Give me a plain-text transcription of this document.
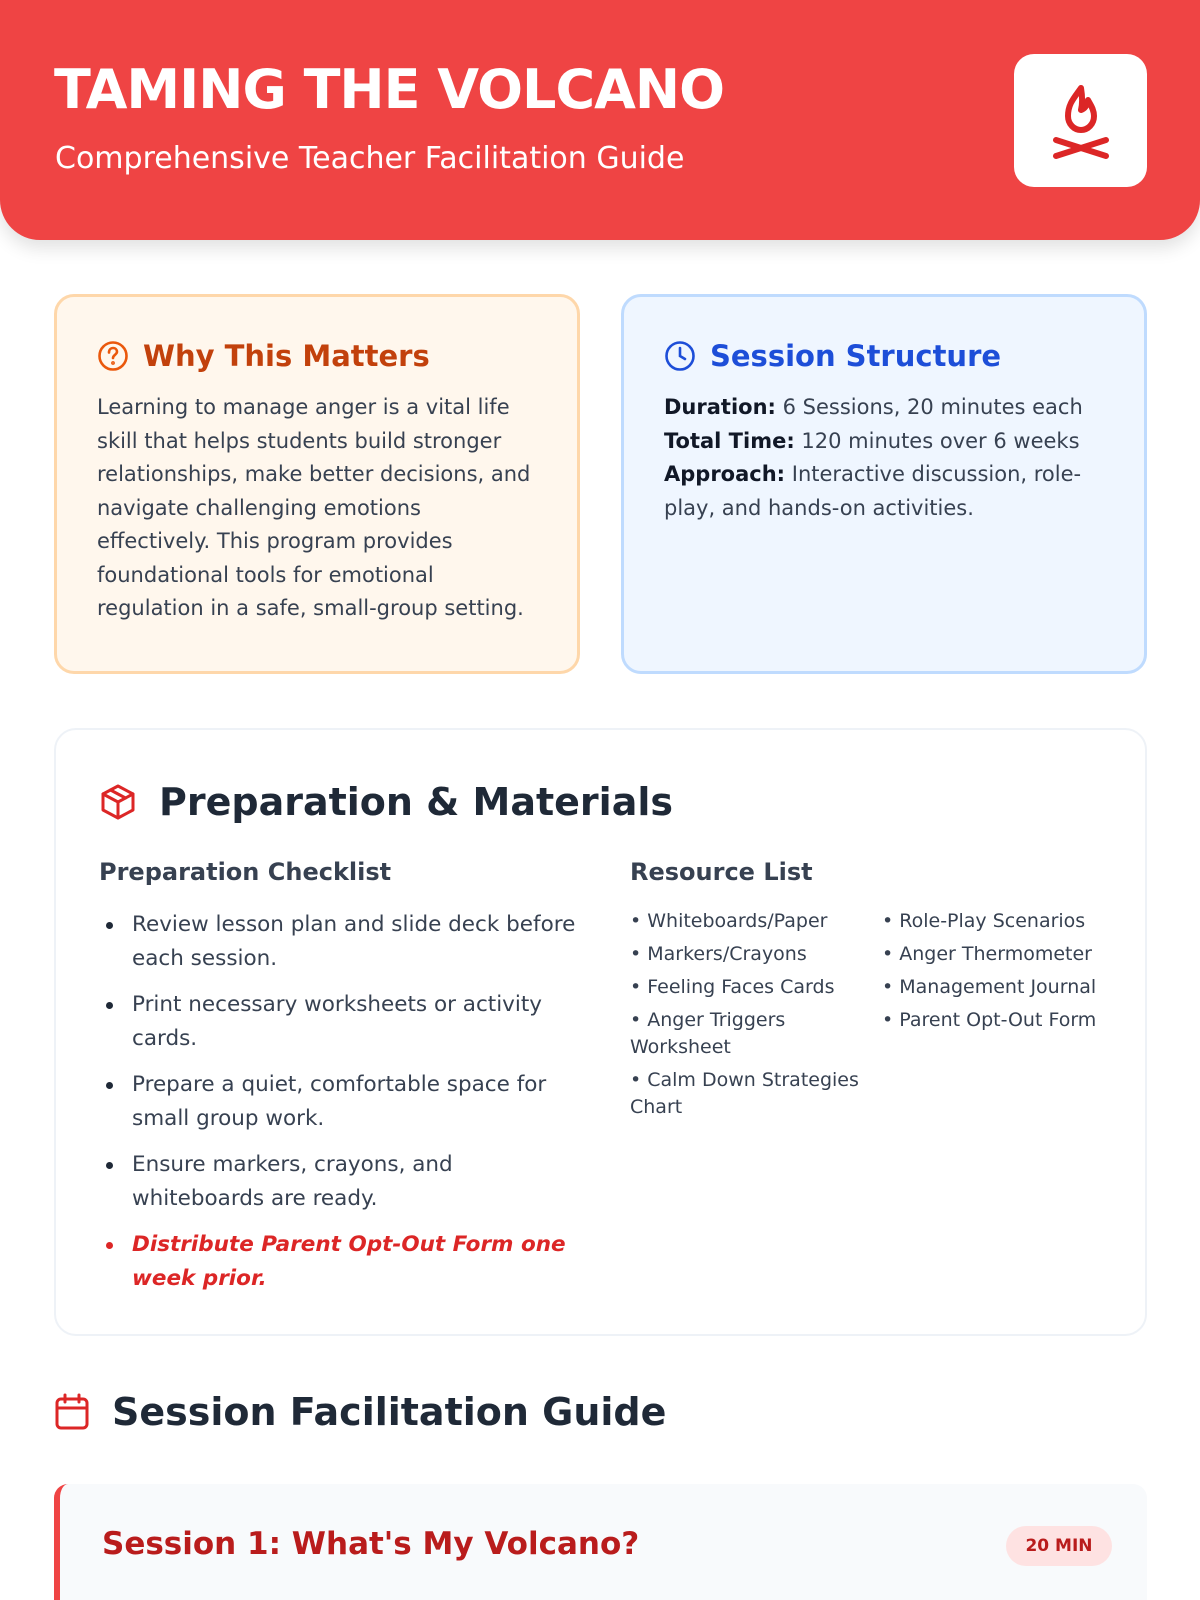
TAMING THE VOLCANO
Comprehensive Teacher Facilitation Guide
Why This Matters

Learning to manage anger is a vital life skill that helps students build stronger relationships, make better decisions, and navigate challenging emotions effectively. This program provides foundational tools for emotional regulation in a safe, small-group setting.

Session Structure
Duration: 6 Sessions, 20 minutes each
Total Time: 120 minutes over 6 weeks
Approach: Interactive discussion, role-play, and hands-on activities.
Preparation & Materials
Preparation Checklist
Review lesson plan and slide deck before each session.
Print necessary worksheets or activity cards.
Prepare a quiet, comfortable space for small group work.
Ensure markers, crayons, and whiteboards are ready.
Distribute Parent Opt-Out Form one week prior.
Resource List
• Whiteboards/Paper
• Markers/Crayons
• Feeling Faces Cards
• Anger Triggers Worksheet
• Calm Down Strategies Chart
• Role-Play Scenarios
• Anger Thermometer
• Management Journal
• Parent Opt-Out Form
Session Facilitation Guide
Session 1: What's My Volcano?	20 MIN
